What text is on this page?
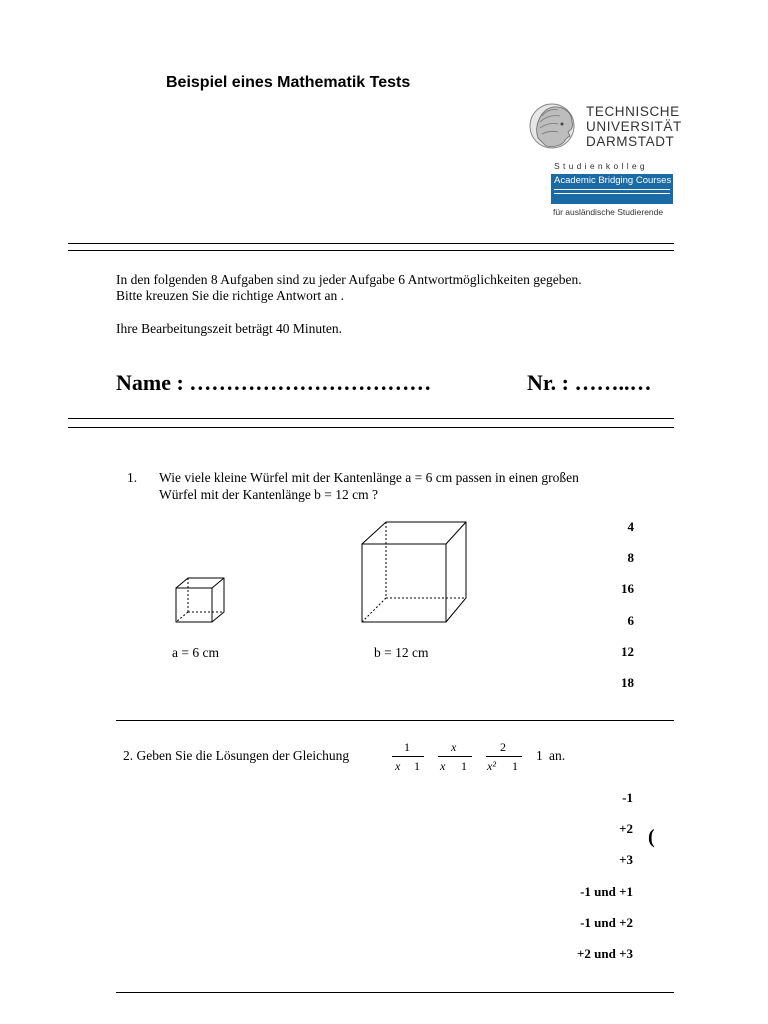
Beispiel eines Mathematik Tests
TECHNISCHE
UNIVERSITÄT
DARMSTADT
Studienkolleg
Academic Bridging Courses
für ausländische Studierende
In den folgenden 8 Aufgaben sind zu jeder Aufgabe 6 Antwortmöglichkeiten gegeben.
Bitte kreuzen Sie die richtige Antwort an .
Ihre Bearbeitungszeit beträgt 40 Minuten.
Name : ……………………………	Nr. : ……..…
1. Wie viele kleine Würfel mit der Kantenlänge a = 6 cm passen in einen großen
Würfel mit der Kantenlänge b = 12 cm ?
a = 6 cm	b = 12 cm
4
8
16
6
12
18
2. Geben Sie die Lösungen der Gleichung
1
x 1
x
x 1
2
x² 1
1 an.
-1
+2
+3
-1 und +1
-1 und +2
+2 und +3
(
